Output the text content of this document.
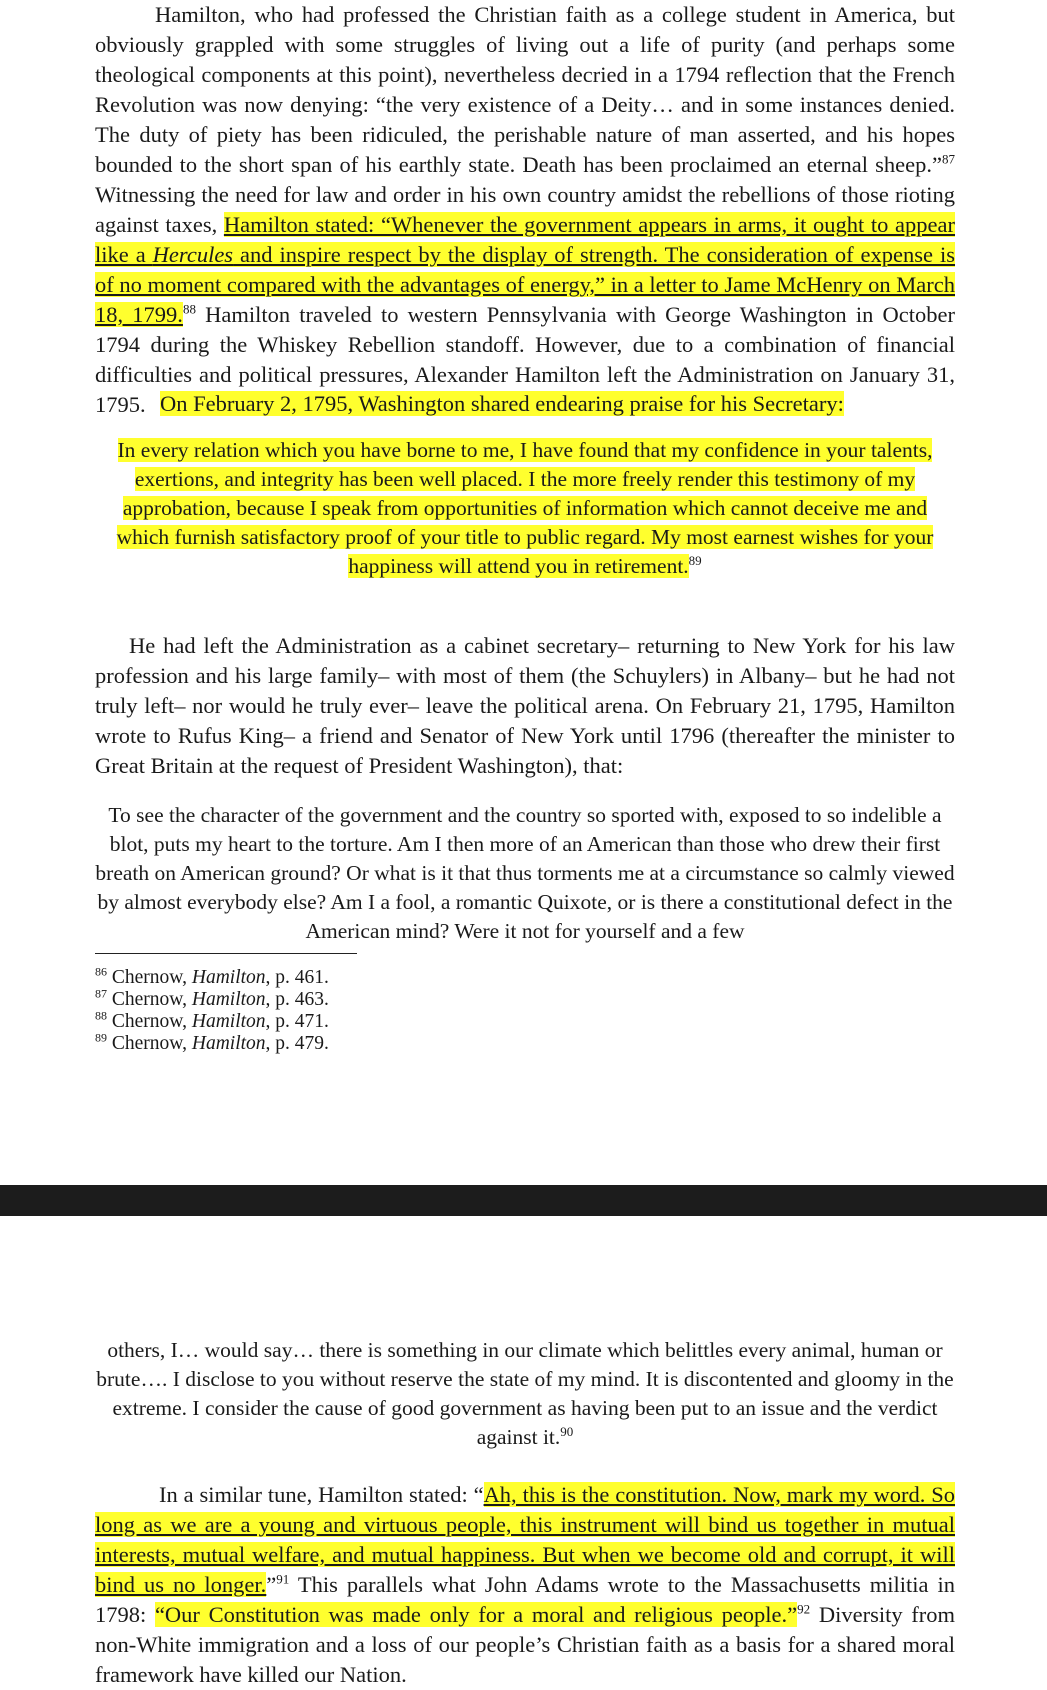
Hamilton, who had professed the Christian faith as a college student in America, but obviously grappled with some struggles of living out a life of purity (and perhaps some theological components at this point), nevertheless decried in a 1794 reflection that the French Revolution was now denying: “the very existence of a Deity… and in some instances denied. The duty of piety has been ridiculed, the perishable nature of man asserted, and his hopes bounded to the short span of his earthly state. Death has been proclaimed an eternal sheep.”$^{87}$ Witnessing the need for law and order in his own country amidst the rebellions of those rioting against taxes, Hamilton stated: “Whenever the government appears in arms, it ought to appear like a Hercules and inspire respect by the display of strength. The consideration of expense is of no moment compared with the advantages of energy,” in a letter to Jame McHenry on March 18, 1799.88 Hamilton traveled to western Pennsylvania with George Washington in October 1794 during the Whiskey Rebellion standoff. However, due to a combination of financial difficulties and political pressures, Alexander Hamilton left the Administration on January 31, 1795. On February 2, 1795, Washington shared endearing praise for his Secretary:

In every relation which you have borne to me, I have found that my confidence in your talents, exertions, and integrity has been well placed. I the more freely render this testimony of my approbation, because I speak from opportunities of information which cannot deceive me and which furnish satisfactory proof of your title to public regard. My most earnest wishes for your happiness will attend you in retirement.$^{89}$

He had left the Administration as a cabinet secretary– returning to New York for his law profession and his large family– with most of them (the Schuylers) in Albany– but he had not truly left– nor would he truly ever– leave the political arena. On February 21, 1795, Hamilton wrote to Rufus King– a friend and Senator of New York until 1796 (thereafter the minister to Great Britain at the request of President Washington), that:

To see the character of the government and the country so sported with, exposed to so indelible a blot, puts my heart to the torture. Am I then more of an American than those who drew their first breath on American ground? Or what is it that thus torments me at a circumstance so calmly viewed by almost everybody else? Am I a fool, a romantic Quixote, or is there a constitutional defect in the American mind? Were it not for yourself and a few

$^{86}$ Chernow, Hamilton, p. 461.

$^{87}$ Chernow, Hamilton, p. 463.

$^{88}$ Chernow, Hamilton, p. 471.

$^{89}$ Chernow, Hamilton, p. 479.

others, I… would say… there is something in our climate which belittles every animal, human or brute…. I disclose to you without reserve the state of my mind. It is discontented and gloomy in the extreme. I consider the cause of good government as having been put to an issue and the verdict against it.$^{90}$

In a similar tune, Hamilton stated: “Ah, this is the constitution. Now, mark my word. So long as we are a young and virtuous people, this instrument will bind us together in mutual interests, mutual welfare, and mutual happiness. But when we become old and corrupt, it will bind us no longer.”$^{91}$ This parallels what John Adams wrote to the Massachusetts militia in 1798: “Our Constitution was made only for a moral and religious people.”$^{92}$ Diversity from non-White immigration and a loss of our people’s Christian faith as a basis for a shared moral framework have killed our Nation.
